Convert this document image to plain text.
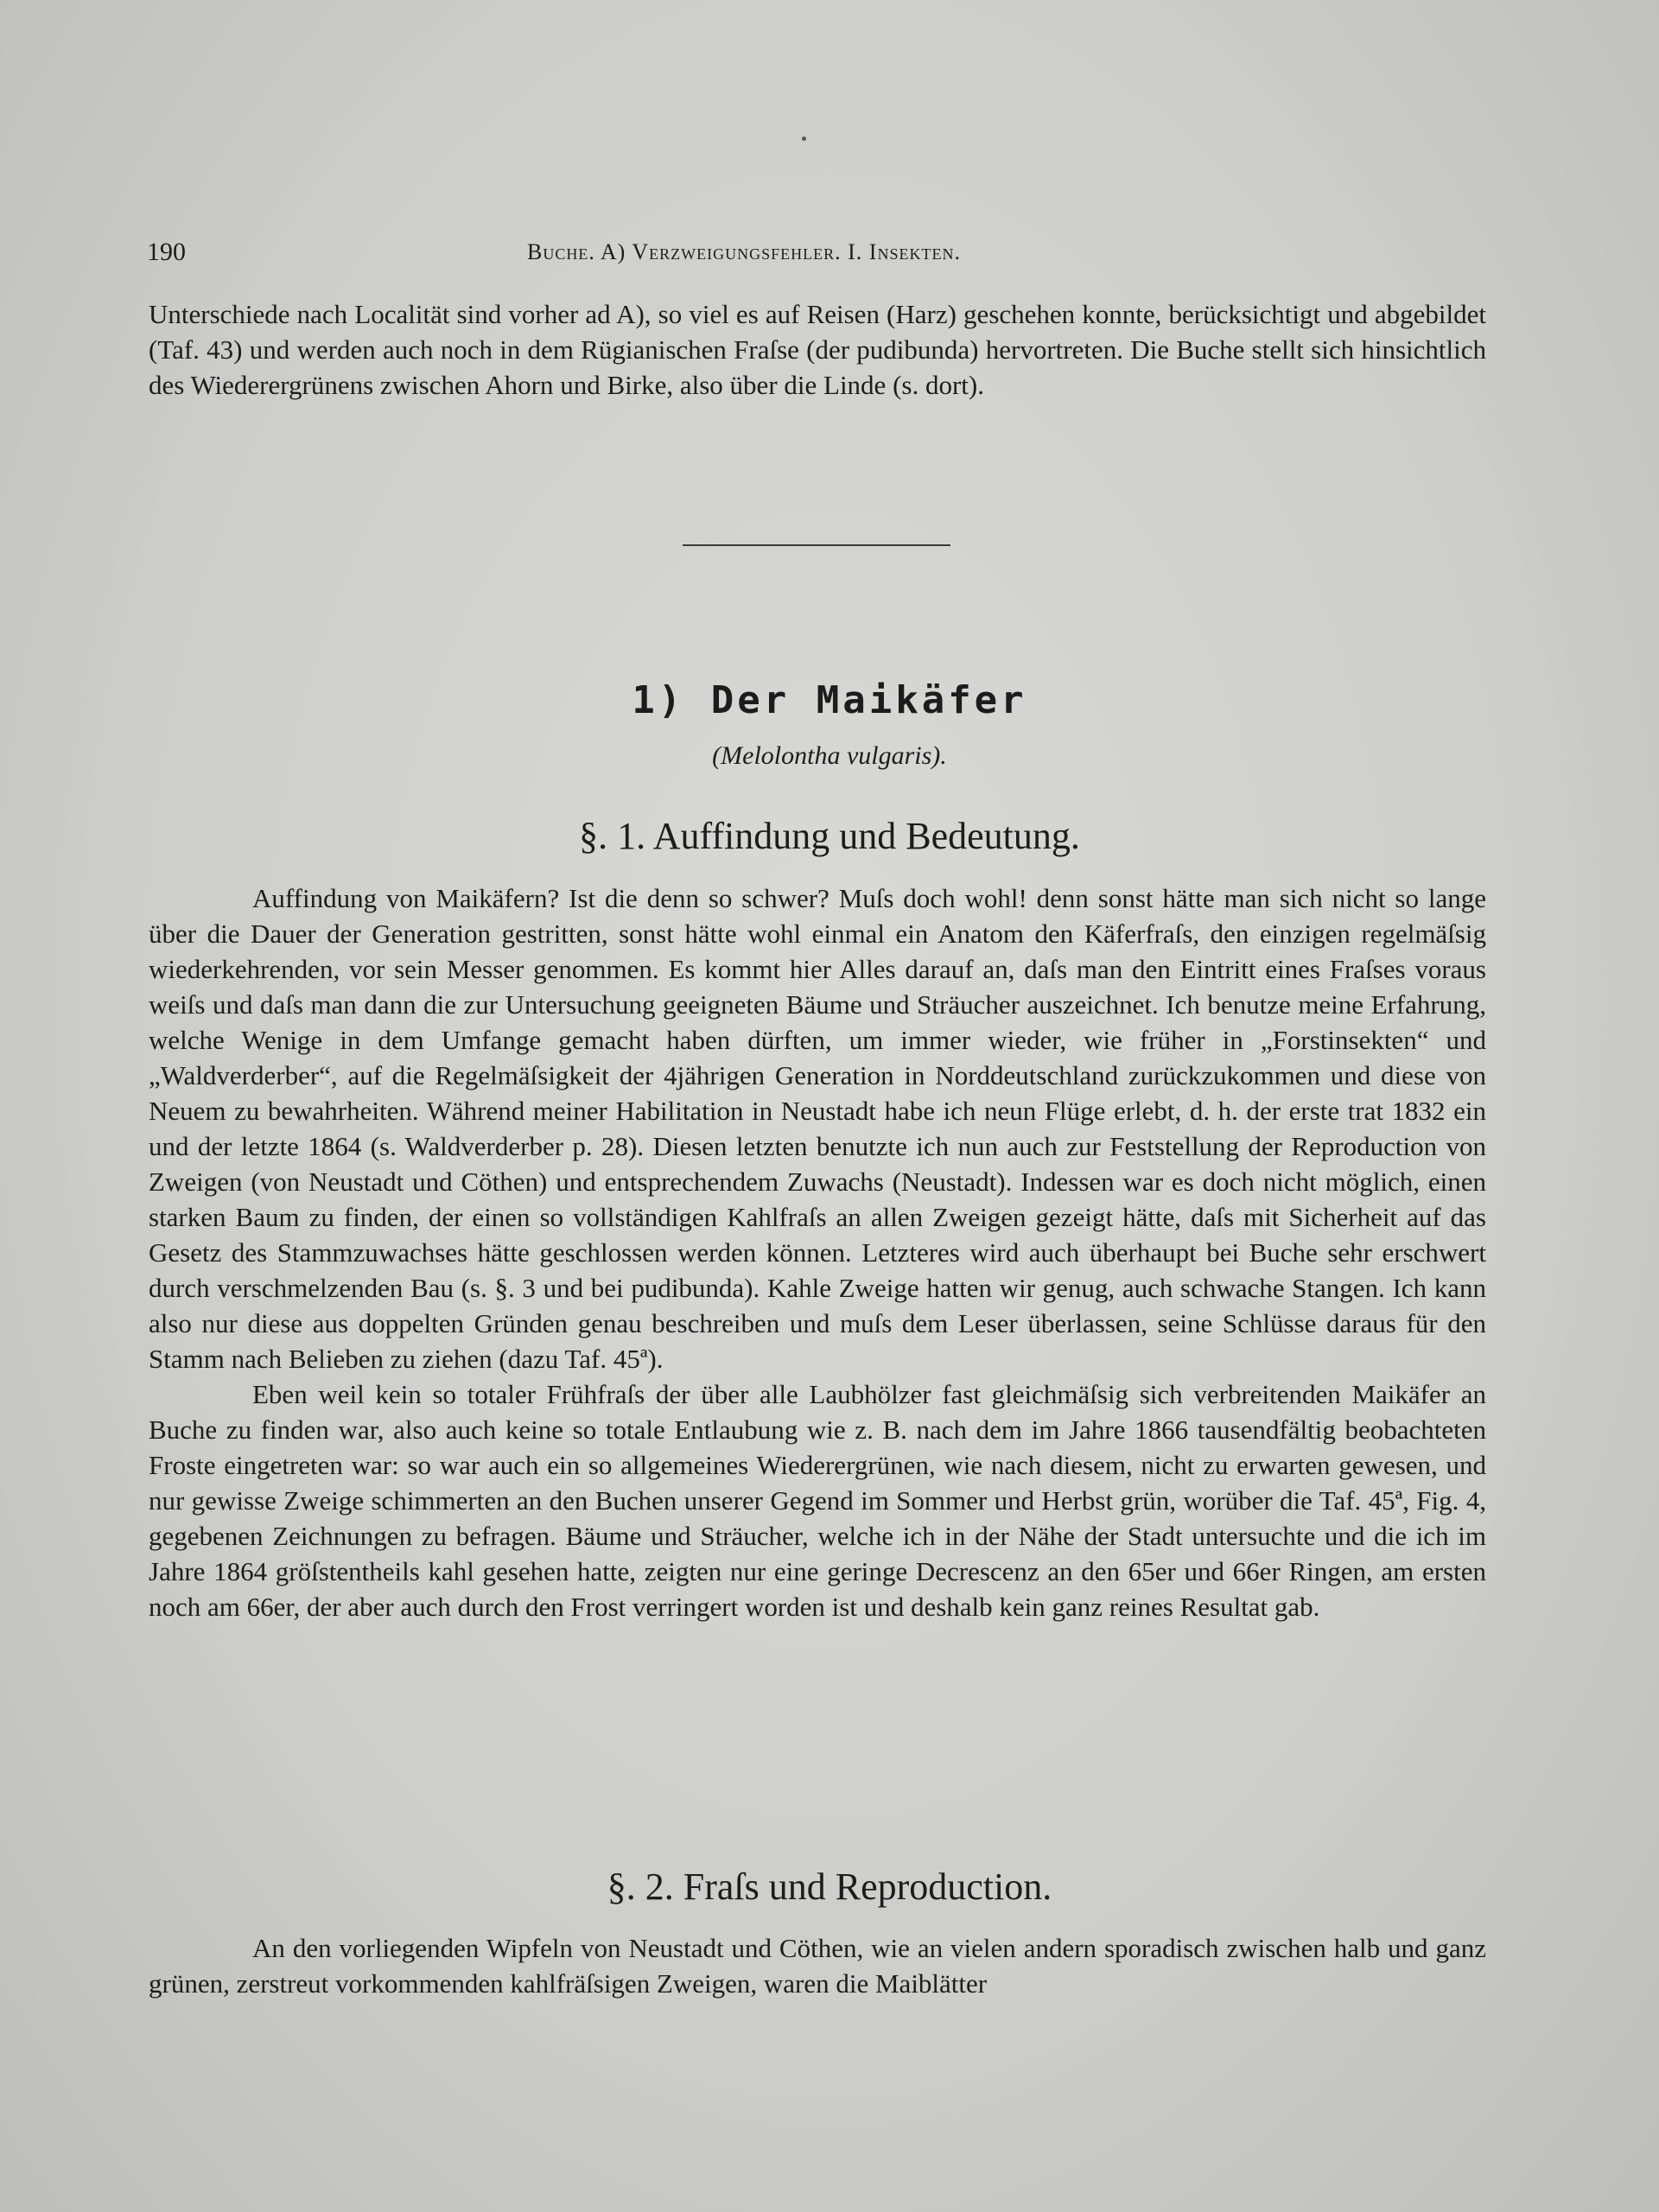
190	Buche. A) Verzweigungsfehler. I. Insekten.

Unterschiede nach Localität sind vorher ad A), so viel es auf Reisen (Harz) geschehen konnte, berücksichtigt und abgebildet (Taf. 43) und werden auch noch in dem Rügianischen Fraſse (der pudibunda) hervortreten. Die Buche stellt sich hinsichtlich des Wiederergrünens zwischen Ahorn und Birke, also über die Linde (s. dort).

1) Der Maikäfer
(Melolontha vulgaris).
§. 1. Auffindung und Bedeutung.

Auffindung von Maikäfern? Ist die denn so schwer? Muſs doch wohl! denn sonst hätte man sich nicht so lange über die Dauer der Generation gestritten, sonst hätte wohl einmal ein Anatom den Käferfraſs, den einzigen regelmäſsig wiederkehrenden, vor sein Messer genommen. Es kommt hier Alles darauf an, daſs man den Eintritt eines Fraſses voraus weiſs und daſs man dann die zur Untersuchung geeigneten Bäume und Sträucher auszeichnet. Ich benutze meine Erfahrung, welche Wenige in dem Umfange gemacht haben dürften, um immer wieder, wie früher in „Forstinsekten“ und „Waldverderber“, auf die Regelmäſsigkeit der 4jährigen Generation in Norddeutschland zurückzukommen und diese von Neuem zu bewahrheiten. Während meiner Habilitation in Neustadt habe ich neun Flüge erlebt, d. h. der erste trat 1832 ein und der letzte 1864 (s. Waldverderber p. 28). Diesen letzten benutzte ich nun auch zur Feststellung der Reproduction von Zweigen (von Neustadt und Cöthen) und entsprechendem Zuwachs (Neustadt). Indessen war es doch nicht möglich, einen starken Baum zu finden, der einen so vollständigen Kahlfraſs an allen Zweigen gezeigt hätte, daſs mit Sicherheit auf das Gesetz des Stammzuwachses hätte geschlossen werden können. Letzteres wird auch überhaupt bei Buche sehr erschwert durch verschmelzenden Bau (s. §. 3 und bei pudibunda). Kahle Zweige hatten wir genug, auch schwache Stangen. Ich kann also nur diese aus doppelten Gründen genau beschreiben und muſs dem Leser überlassen, seine Schlüsse daraus für den Stamm nach Belieben zu ziehen (dazu Taf. 45ª).

Eben weil kein so totaler Frühfraſs der über alle Laubhölzer fast gleichmäſsig sich verbreitenden Maikäfer an Buche zu finden war, also auch keine so totale Entlaubung wie z. B. nach dem im Jahre 1866 tausendfältig beobachteten Froste eingetreten war: so war auch ein so allgemeines Wiederergrünen, wie nach diesem, nicht zu erwarten gewesen, und nur gewisse Zweige schimmerten an den Buchen unserer Gegend im Sommer und Herbst grün, worüber die Taf. 45ª, Fig. 4, gegebenen Zeichnungen zu befragen. Bäume und Sträucher, welche ich in der Nähe der Stadt untersuchte und die ich im Jahre 1864 gröſstentheils kahl gesehen hatte, zeigten nur eine geringe Decrescenz an den 65er und 66er Ringen, am ersten noch am 66er, der aber auch durch den Frost verringert worden ist und deshalb kein ganz reines Resultat gab.

§. 2. Fraſs und Reproduction.

An den vorliegenden Wipfeln von Neustadt und Cöthen, wie an vielen andern sporadisch zwischen halb und ganz grünen, zerstreut vorkommenden kahlfräſsigen Zweigen, waren die Maiblätter
